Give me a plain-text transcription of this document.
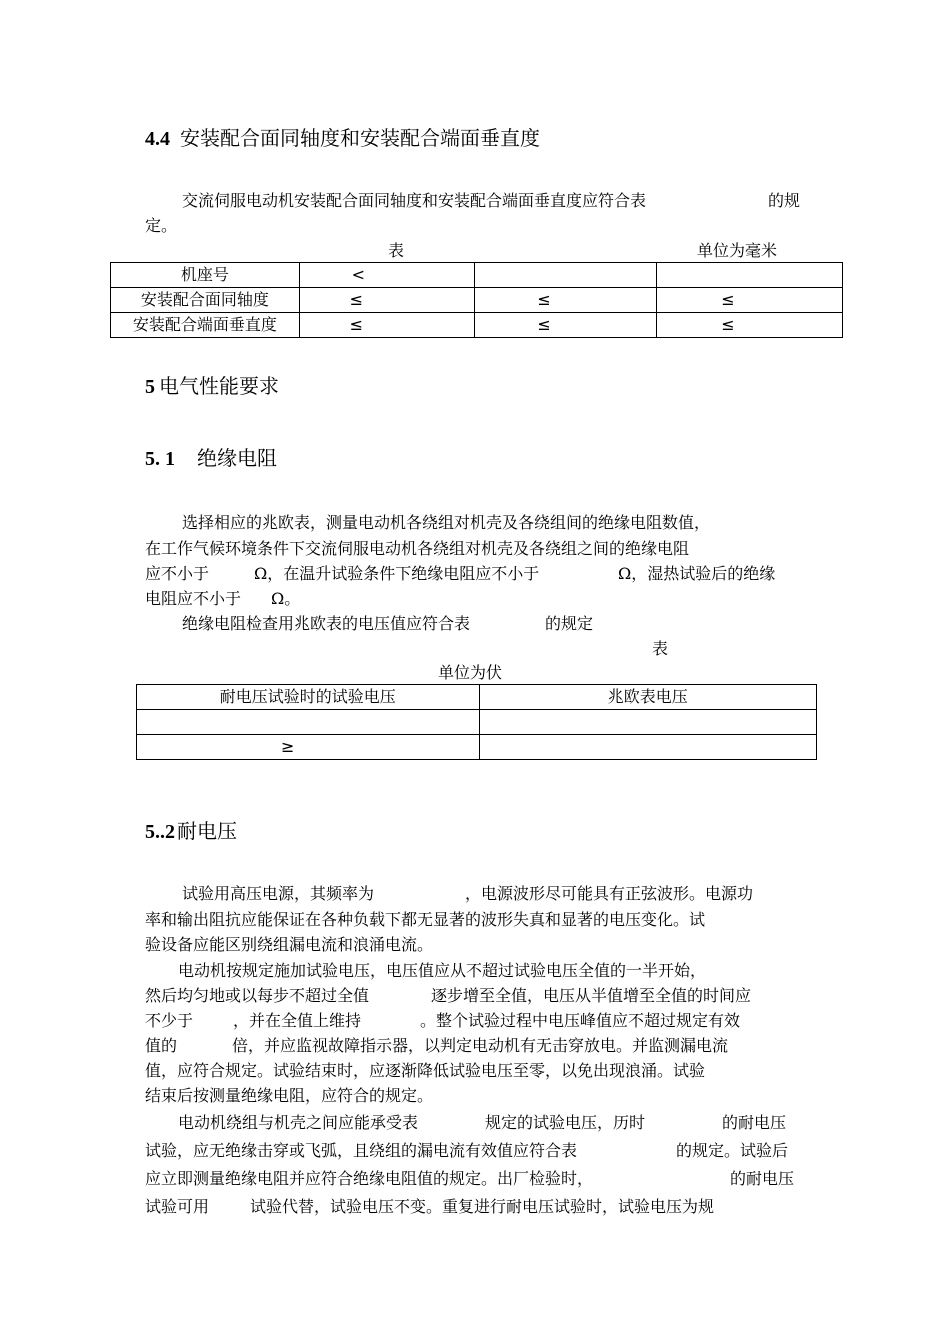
4.4 安装配合面同轴度和安装配合端面垂直度
交流伺服电动机安装配合面同轴度和安装配合端面垂直度应符合表	的规
定。
表	单位为毫米
机座号	<		
安装配合面同轴度	≤	≤	≤
安装配合端面垂直度	≤	≤	≤
5 电气性能要求
5. 1 绝缘电阻
选择相应的兆欧表，测量电动机各绕组对机壳及各绕组间的绝缘电阻数值，
在工作气候环境条件下交流伺服电动机各绕组对机壳及各绕组之间的绝缘电阻
应不小于	Ω，在温升试验条件下绝缘电阻应不小于	Ω，湿热试验后的绝缘
电阻应不小于 Ω。
绝缘电阻检查用兆欧表的电压值应符合表	的规定
表
单位为伏
耐电压试验时的试验电压	兆欧表电压

≥	
5..2 耐电压
试验用高压电源，其频率为	，电源波形尽可能具有正弦波形。电源功
率和输出阻抗应能保证在各种负载下都无显著的波形失真和显著的电压变化。试
验设备应能区别绕组漏电流和浪涌电流。
电动机按规定施加试验电压，电压值应从不超过试验电压全值的一半开始，
然后均匀地或以每步不超过全值	逐步增至全值，电压从半值增至全值的时间应
不少于 ，并在全值上维持	。整个试验过程中电压峰值应不超过规定有效
值的	倍，并应监视故障指示器，以判定电动机有无击穿放电。并监测漏电流
值，应符合规定。试验结束时，应逐渐降低试验电压至零，以免出现浪涌。试验
结束后按测量绝缘电阻，应符合的规定。
电动机绕组与机壳之间应能承受表	规定的试验电压，历时	的耐电压
试验，应无绝缘击穿或飞弧，且绕组的漏电流有效值应符合表	的规定。试验后
应立即测量绝缘电阻并应符合绝缘电阻值的规定。出厂检验时，	的耐电压
试验可用	试验代替，试验电压不变。重复进行耐电压试验时，试验电压为规
